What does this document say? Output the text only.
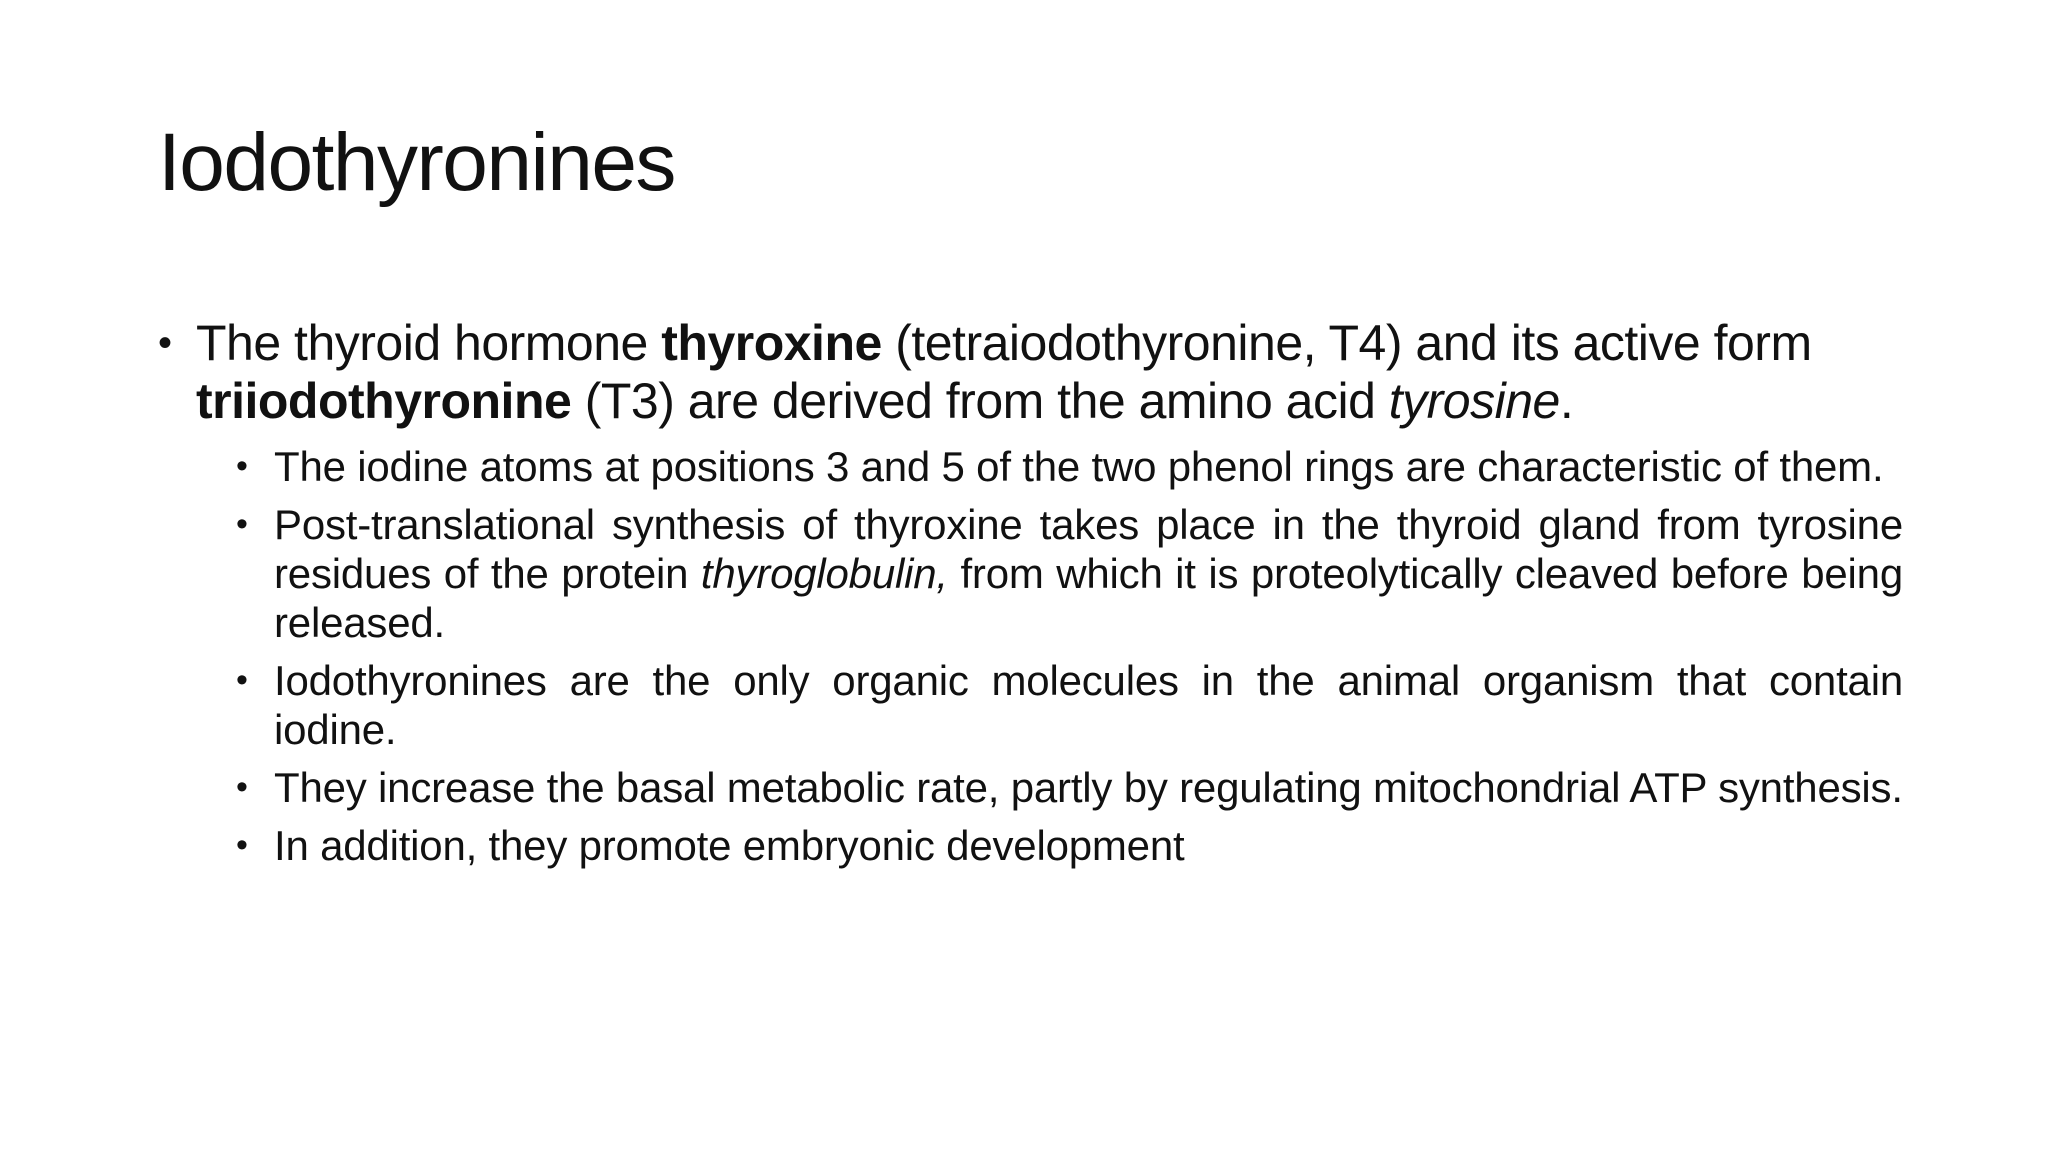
Iodothyronines

• The thyroid hormone thyroxine (tetraiodothyronine, T4) and its active form triiodothyronine (T3) are derived from the amino acid tyrosine.

• The iodine atoms at positions 3 and 5 of the two phenol rings are characteristic of them.
• Post-translational synthesis of thyroxine takes place in the thyroid gland from tyrosine residues of the protein thyroglobulin, from which it is proteolytically cleaved before being released.
• Iodothyronines are the only organic molecules in the animal organism that contain iodine.
• They increase the basal metabolic rate, partly by regulating mitochondrial ATP synthesis.
• In addition, they promote embryonic development
